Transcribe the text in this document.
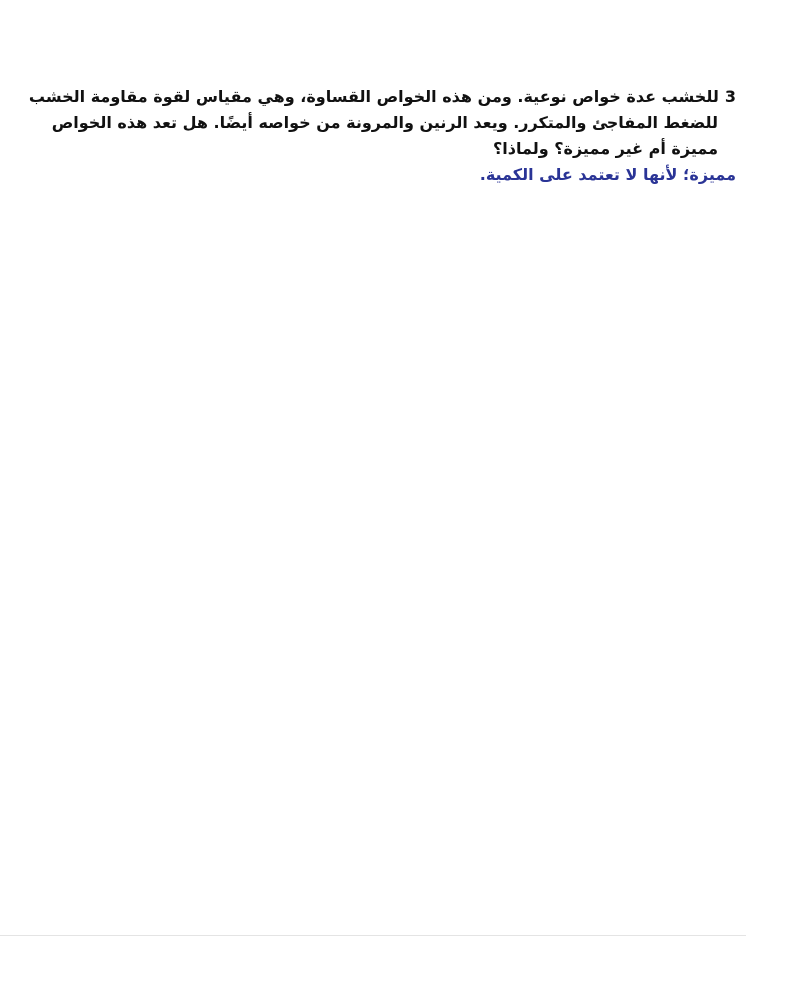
3للخشب عدة خواص نوعية. ومن هذه الخواص القساوة، وهي مقياس لقوة مقاومة الخشب

للضغط المفاجئ والمتكرر. ويعد الرنين والمرونة من خواصه أيضًا. هل تعد هذه الخواص

مميزة أم غير مميزة؟ ولماذا؟

مميزة؛ لأنها لا تعتمد على الكمية.
